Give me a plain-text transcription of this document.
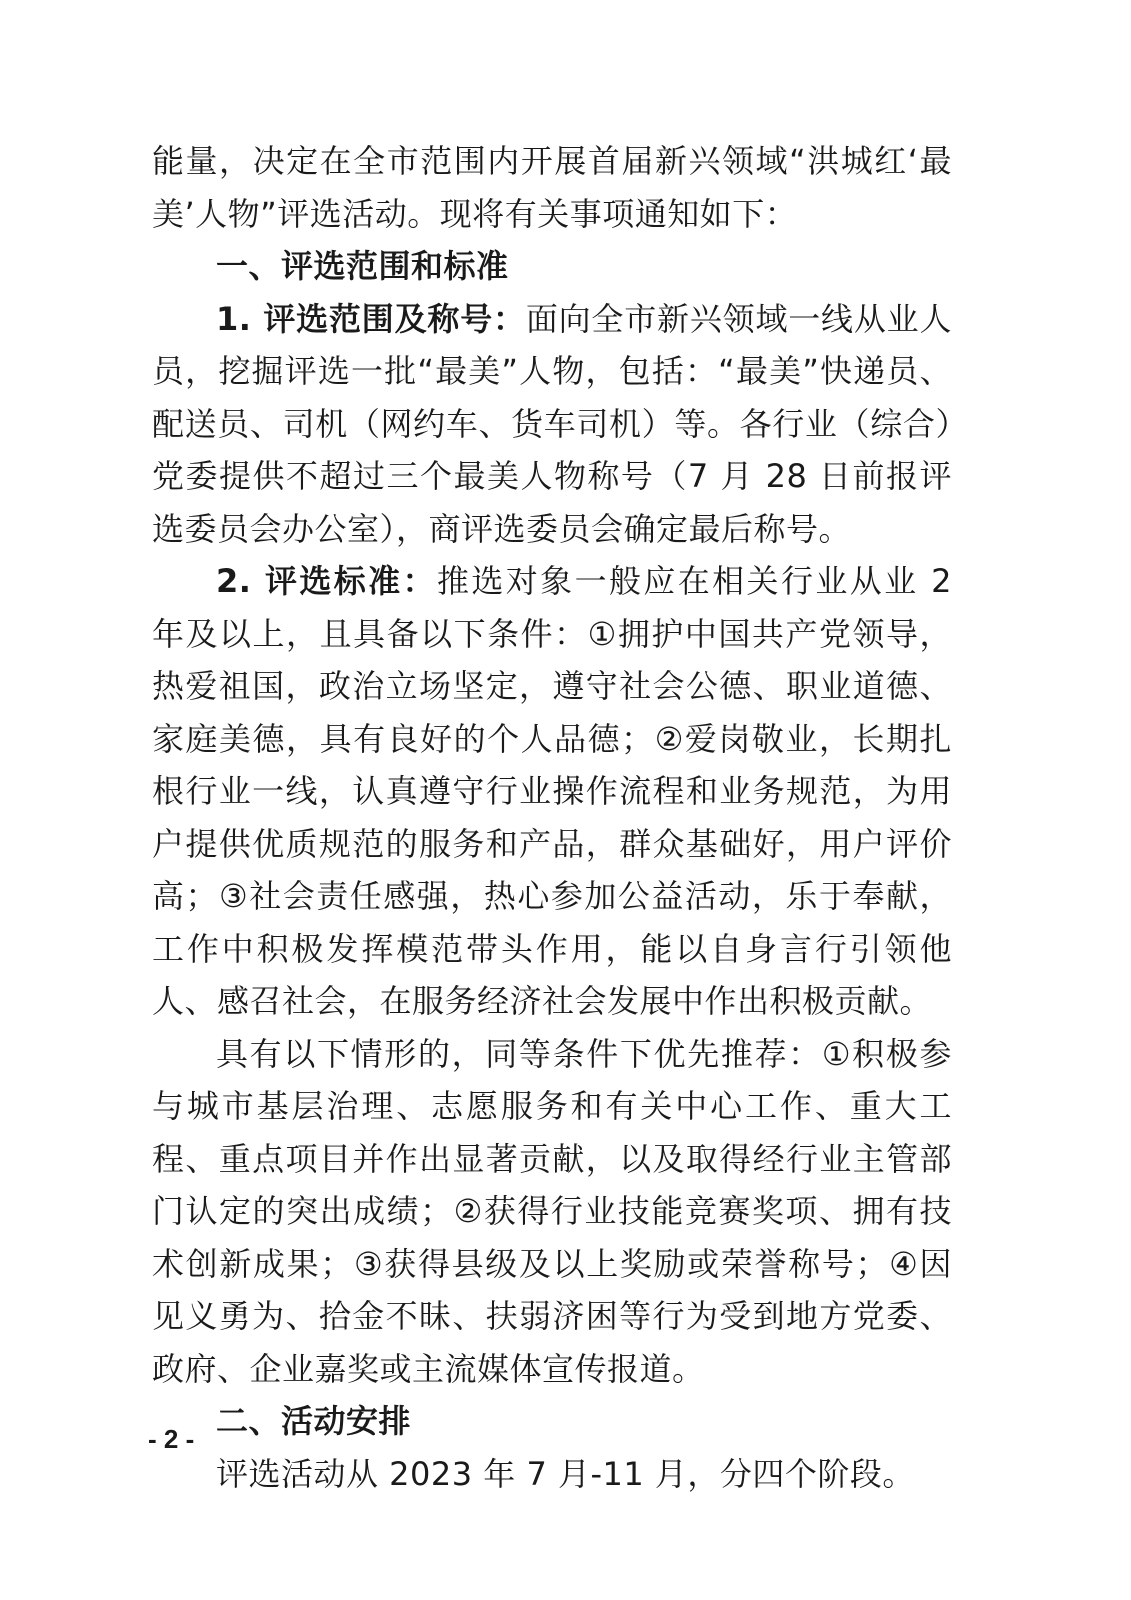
能量，决定在全市范围内开展首届新兴领域“洪城红‘最美’人物”评选活动。现将有关事项通知如下：

一、评选范围和标准

1. 评选范围及称号：面向全市新兴领域一线从业人员，挖掘评选一批“最美”人物，包括：“最美”快递员、配送员、司机（网约车、货车司机）等。各行业（综合）党委提供不超过三个最美人物称号（7 月 28 日前报评选委员会办公室），商评选委员会确定最后称号。

2. 评选标准：推选对象一般应在相关行业从业 2 年及以上，且具备以下条件：①拥护中国共产党领导，热爱祖国，政治立场坚定，遵守社会公德、职业道德、家庭美德，具有良好的个人品德；②爱岗敬业，长期扎根行业一线，认真遵守行业操作流程和业务规范，为用户提供优质规范的服务和产品，群众基础好，用户评价高；③社会责任感强，热心参加公益活动，乐于奉献，工作中积极发挥模范带头作用，能以自身言行引领他人、感召社会，在服务经济社会发展中作出积极贡献。

具有以下情形的，同等条件下优先推荐：①积极参与城市基层治理、志愿服务和有关中心工作、重大工程、重点项目并作出显著贡献，以及取得经行业主管部门认定的突出成绩；②获得行业技能竞赛奖项、拥有技术创新成果；③获得县级及以上奖励或荣誉称号；④因见义勇为、拾金不昧、扶弱济困等行为受到地方党委、政府、企业嘉奖或主流媒体宣传报道。

二、活动安排

评选活动从 2023 年 7 月-11 月，分四个阶段。

- 2 -
